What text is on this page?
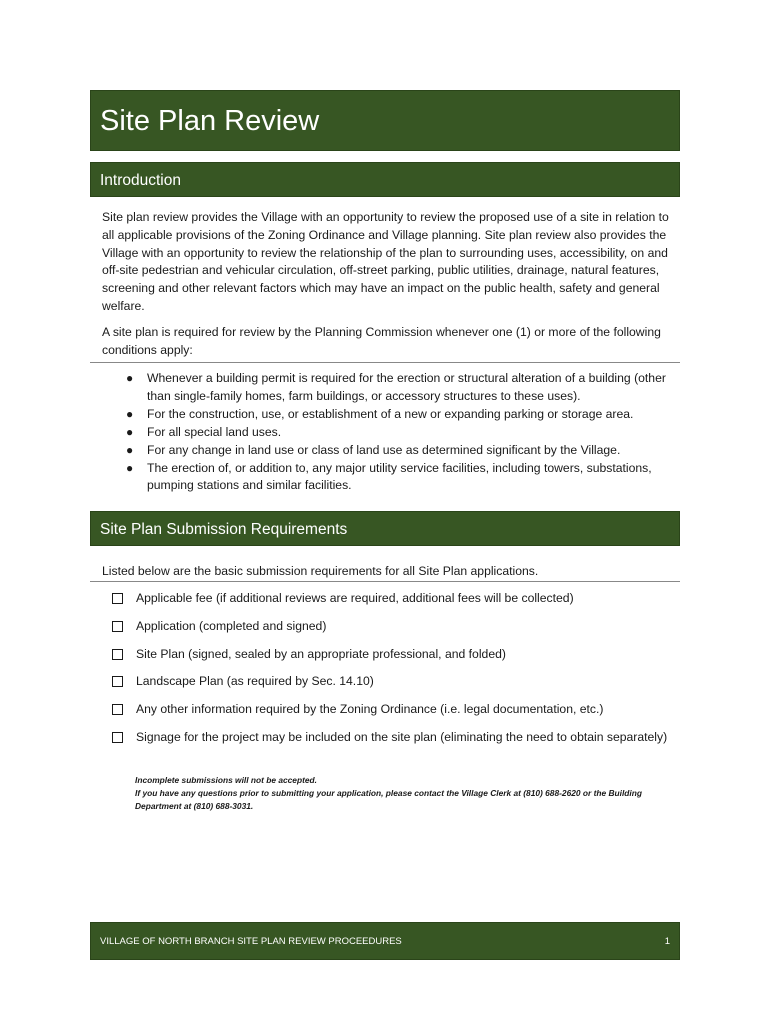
Site Plan Review
Introduction

Site plan review provides the Village with an opportunity to review the proposed use of a site in relation to all applicable provisions of the Zoning Ordinance and Village planning. Site plan review also provides the Village with an opportunity to review the relationship of the plan to surrounding uses, accessibility, on and off-site pedestrian and vehicular circulation, off-street parking, public utilities, drainage, natural features, screening and other relevant factors which may have an impact on the public health, safety and general welfare.

A site plan is required for review by the Planning Commission whenever one (1) or more of the following conditions apply:

● Whenever a building permit is required for the erection or structural alteration of a building (other than single-family homes, farm buildings, or accessory structures to these uses).
● For the construction, use, or establishment of a new or expanding parking or storage area.
● For all special land uses.
● For any change in land use or class of land use as determined significant by the Village.
● The erection of, or addition to, any major utility service facilities, including towers, substations, pumping stations and similar facilities.
Site Plan Submission Requirements

Listed below are the basic submission requirements for all Site Plan applications.

Applicable fee (if additional reviews are required, additional fees will be collected)
Application (completed and signed)
Site Plan (signed, sealed by an appropriate professional, and folded)
Landscape Plan (as required by Sec. 14.10)
Any other information required by the Zoning Ordinance (i.e. legal documentation, etc.)
Signage for the project may be included on the site plan (eliminating the need to obtain separately)

Incomplete submissions will not be accepted.

If you have any questions prior to submitting your application, please contact the Village Clerk at (810) 688-2620 or the Building Department at (810) 688-3031.

VILLAGE OF NORTH BRANCH SITE PLAN REVIEW PROCEEDURES	1
